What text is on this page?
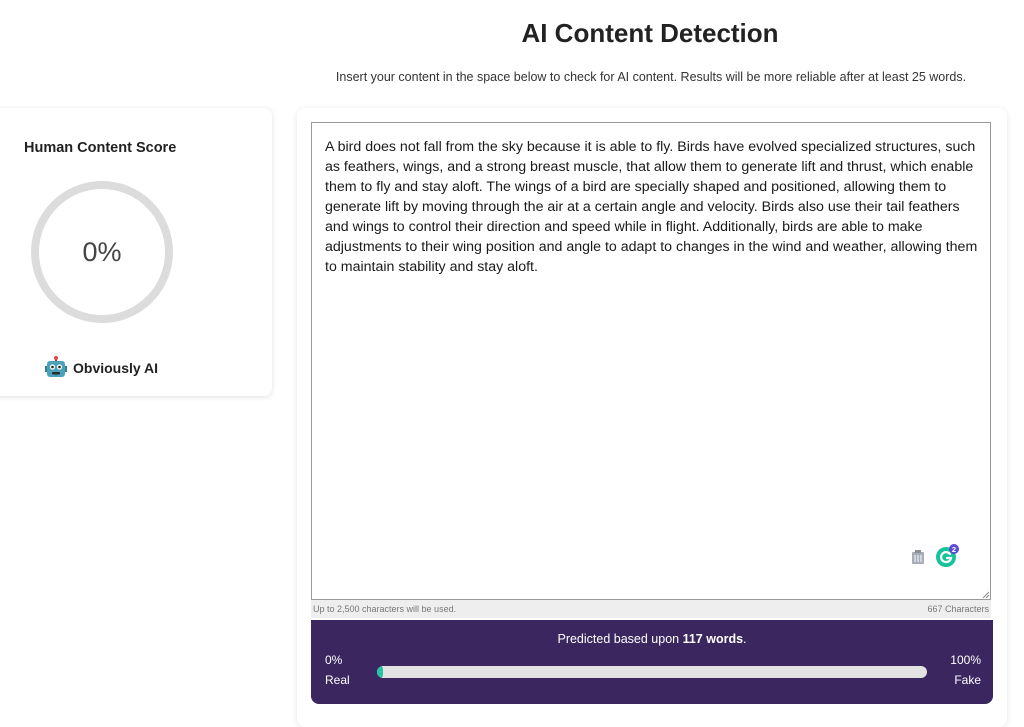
AI Content Detection
Insert your content in the space below to check for AI content. Results will be more reliable after at least 25 words.
Human Content Score
0%
Obviously AI
A bird does not fall from the sky because it is able to fly. Birds have evolved specialized structures, such as feathers, wings, and a strong breast muscle, that allow them to generate lift and thrust, which enable them to fly and stay aloft. The wings of a bird are specially shaped and positioned, allowing them to generate lift by moving through the air at a certain angle and velocity. Birds also use their tail feathers and wings to control their direction and speed while in flight. Additionally, birds are able to make adjustments to their wing position and angle to adapt to changes in the wind and weather, allowing them to maintain stability and stay aloft.
2
Up to 2,500 characters will be used.	667 Characters
Predicted based upon 117 words.
0%
Real
100%
Fake
